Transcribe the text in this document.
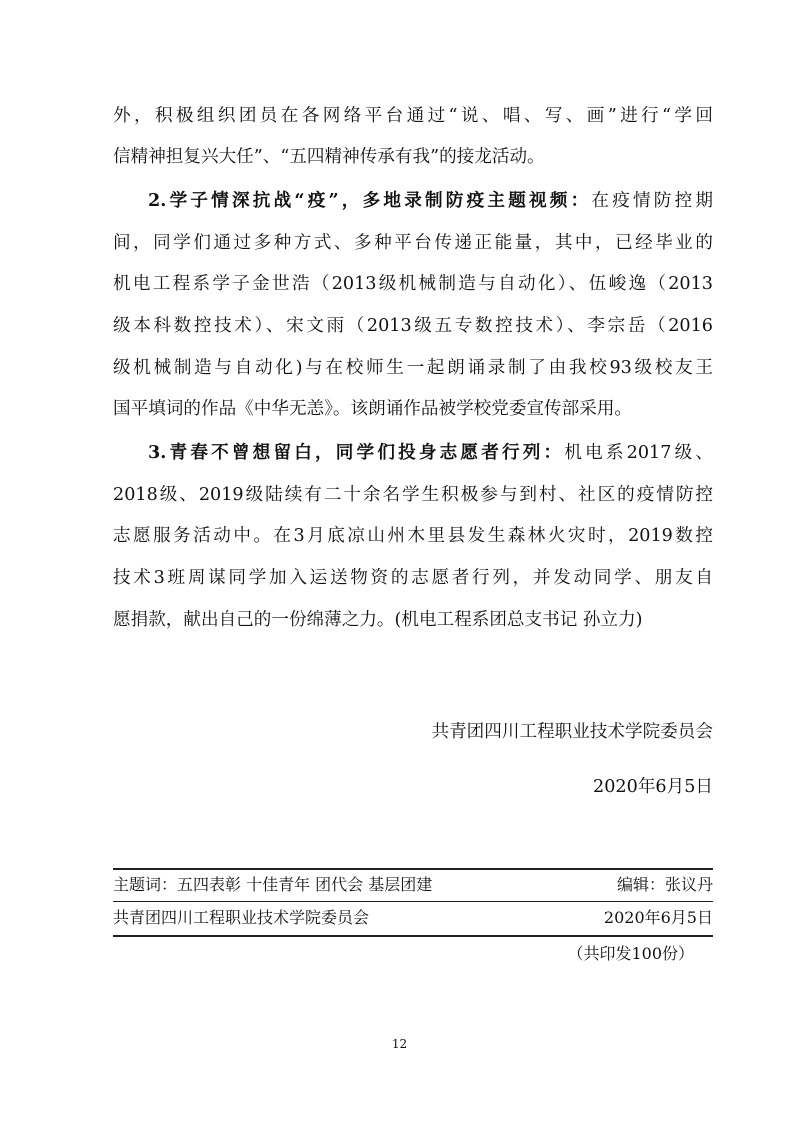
外，积极组织团员在各网络平台通过“说、唱、写、画”进行“学回
信精神担复兴大任”、“五四精神传承有我”的接龙活动。
2.学子情深抗战“疫”，多地录制防疫主题视频：在疫情防控期
间，同学们通过多种方式、多种平台传递正能量，其中，已经毕业的
机电工程系学子金世浩（2013级机械制造与自动化）、伍峻逸（2013
级本科数控技术）、宋文雨（2013级五专数控技术）、李宗岳（2016
级机械制造与自动化)与在校师生一起朗诵录制了由我校93级校友王
国平填词的作品《中华无恙》。该朗诵作品被学校党委宣传部采用。
3.青春不曾想留白，同学们投身志愿者行列：机电系2017级、
2018级、2019级陆续有二十余名学生积极参与到村、社区的疫情防控
志愿服务活动中。在3月底凉山州木里县发生森林火灾时，2019数控
技术3班周谋同学加入运送物资的志愿者行列，并发动同学、朋友自
愿捐款，献出自己的一份绵薄之力。(机电工程系团总支书记 孙立力)
共青团四川工程职业技术学院委员会
2020年6月5日
主题词：五四表彰 十佳青年 团代会 基层团建	编辑：张议丹
共青团四川工程职业技术学院委员会	2020年6月5日
（共印发100份）
12
